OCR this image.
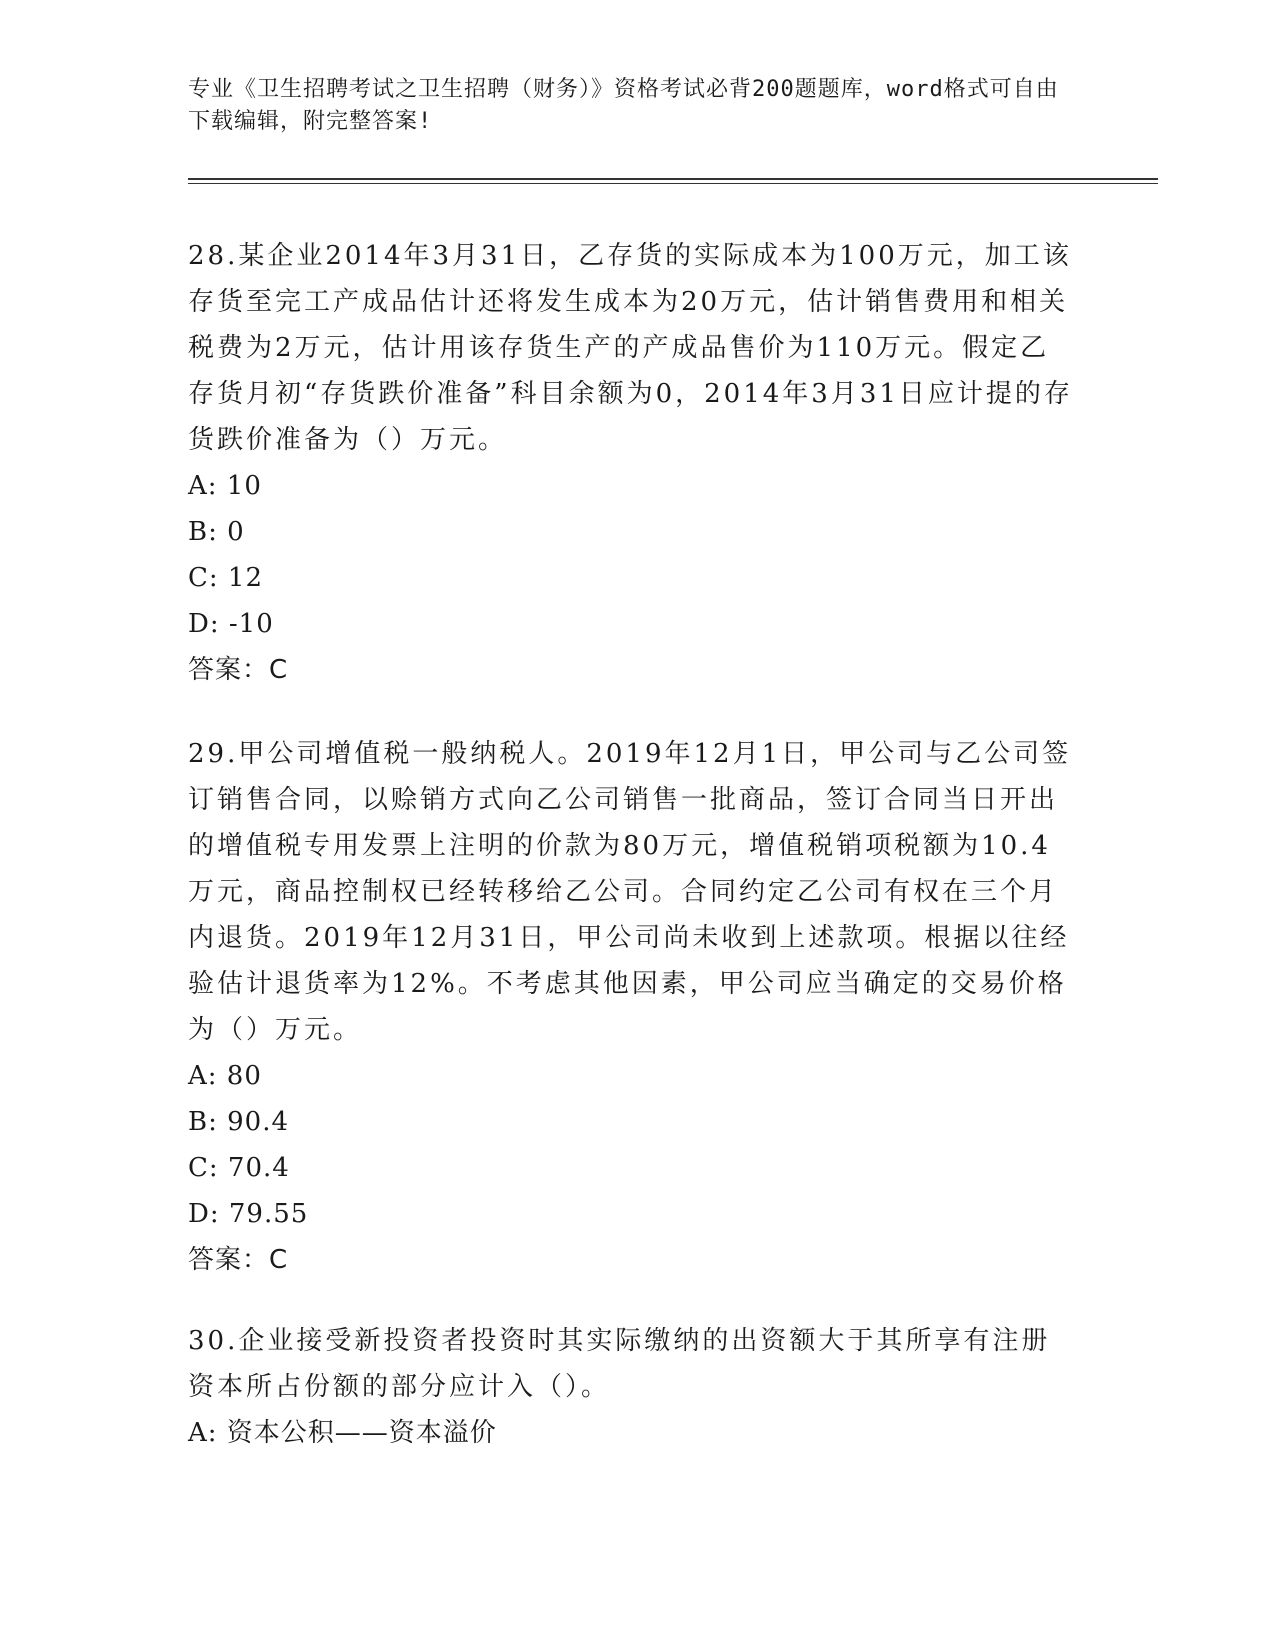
专业《卫生招聘考试之卫生招聘（财务）》资格考试必背200题题库，word格式可自由下载编辑，附完整答案!

28.某企业2014年3月31日，乙存货的实际成本为100万元，加工该存货至完工产成品估计还将发生成本为20万元，估计销售费用和相关税费为2万元，估计用该存货生产的产成品售价为110万元。假定乙存货月初“存货跌价准备”科目余额为0，2014年3月31日应计提的存货跌价准备为（）万元。

A: 10

B: 0

C: 12

D: -10

答案：C

29.甲公司增值税一般纳税人。2019年12月1日，甲公司与乙公司签订销售合同，以赊销方式向乙公司销售一批商品，签订合同当日开出的增值税专用发票上注明的价款为80万元，增值税销项税额为10.4万元，商品控制权已经转移给乙公司。合同约定乙公司有权在三个月内退货。2019年12月31日，甲公司尚未收到上述款项。根据以往经验估计退货率为12%。不考虑其他因素，甲公司应当确定的交易价格为（）万元。

A: 80

B: 90.4

C: 70.4

D: 79.55

答案：C

30.企业接受新投资者投资时其实际缴纳的出资额大于其所享有注册资本所占份额的部分应计入（）。

A: 资本公积——资本溢价
